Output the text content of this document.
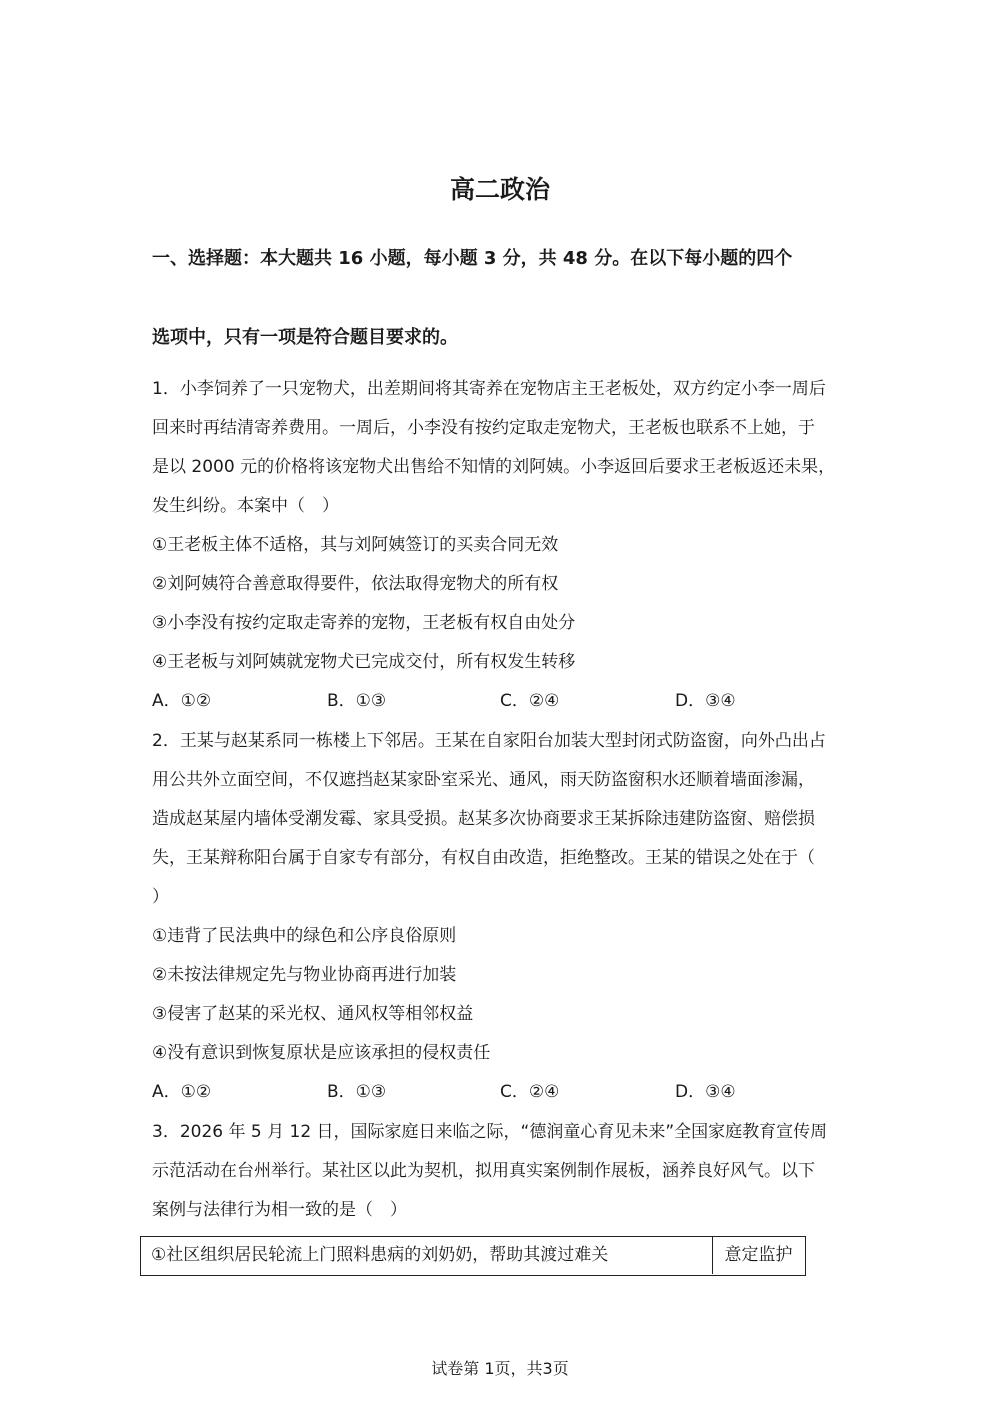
高二政治

一、选择题：本大题共 16 小题，每小题 3 分，共 48 分。在以下每小题的四个

选项中，只有一项是符合题目要求的。

1．小李饲养了一只宠物犬，出差期间将其寄养在宠物店主王老板处，双方约定小李一周后

回来时再结清寄养费用。一周后，小李没有按约定取走宠物犬，王老板也联系不上她，于

是以 2000 元的价格将该宠物犬出售给不知情的刘阿姨。小李返回后要求王老板返还未果，

发生纠纷。本案中（　）

①王老板主体不适格，其与刘阿姨签订的买卖合同无效

②刘阿姨符合善意取得要件，依法取得宠物犬的所有权

③小李没有按约定取走寄养的宠物，王老板有权自由处分

④王老板与刘阿姨就宠物犬已完成交付，所有权发生转移

A．①②	B．①③	C．②④	D．③④

2．王某与赵某系同一栋楼上下邻居。王某在自家阳台加装大型封闭式防盗窗，向外凸出占

用公共外立面空间，不仅遮挡赵某家卧室采光、通风，雨天防盗窗积水还顺着墙面渗漏，

造成赵某屋内墙体受潮发霉、家具受损。赵某多次协商要求王某拆除违建防盗窗、赔偿损

失，王某辩称阳台属于自家专有部分，有权自由改造，拒绝整改。王某的错误之处在于（

）

①违背了民法典中的绿色和公序良俗原则

②未按法律规定先与物业协商再进行加装

③侵害了赵某的采光权、通风权等相邻权益

④没有意识到恢复原状是应该承担的侵权责任

A．①②	B．①③	C．②④	D．③④

3．2026 年 5 月 12 日，国际家庭日来临之际，“德润童心育见未来”全国家庭教育宣传周

示范活动在台州举行。某社区以此为契机，拟用真实案例制作展板，涵养良好风气。以下

案例与法律行为相一致的是（　）

①社区组织居民轮流上门照料患病的刘奶奶，帮助其渡过难关	意定监护

试卷第 1页，共3页
